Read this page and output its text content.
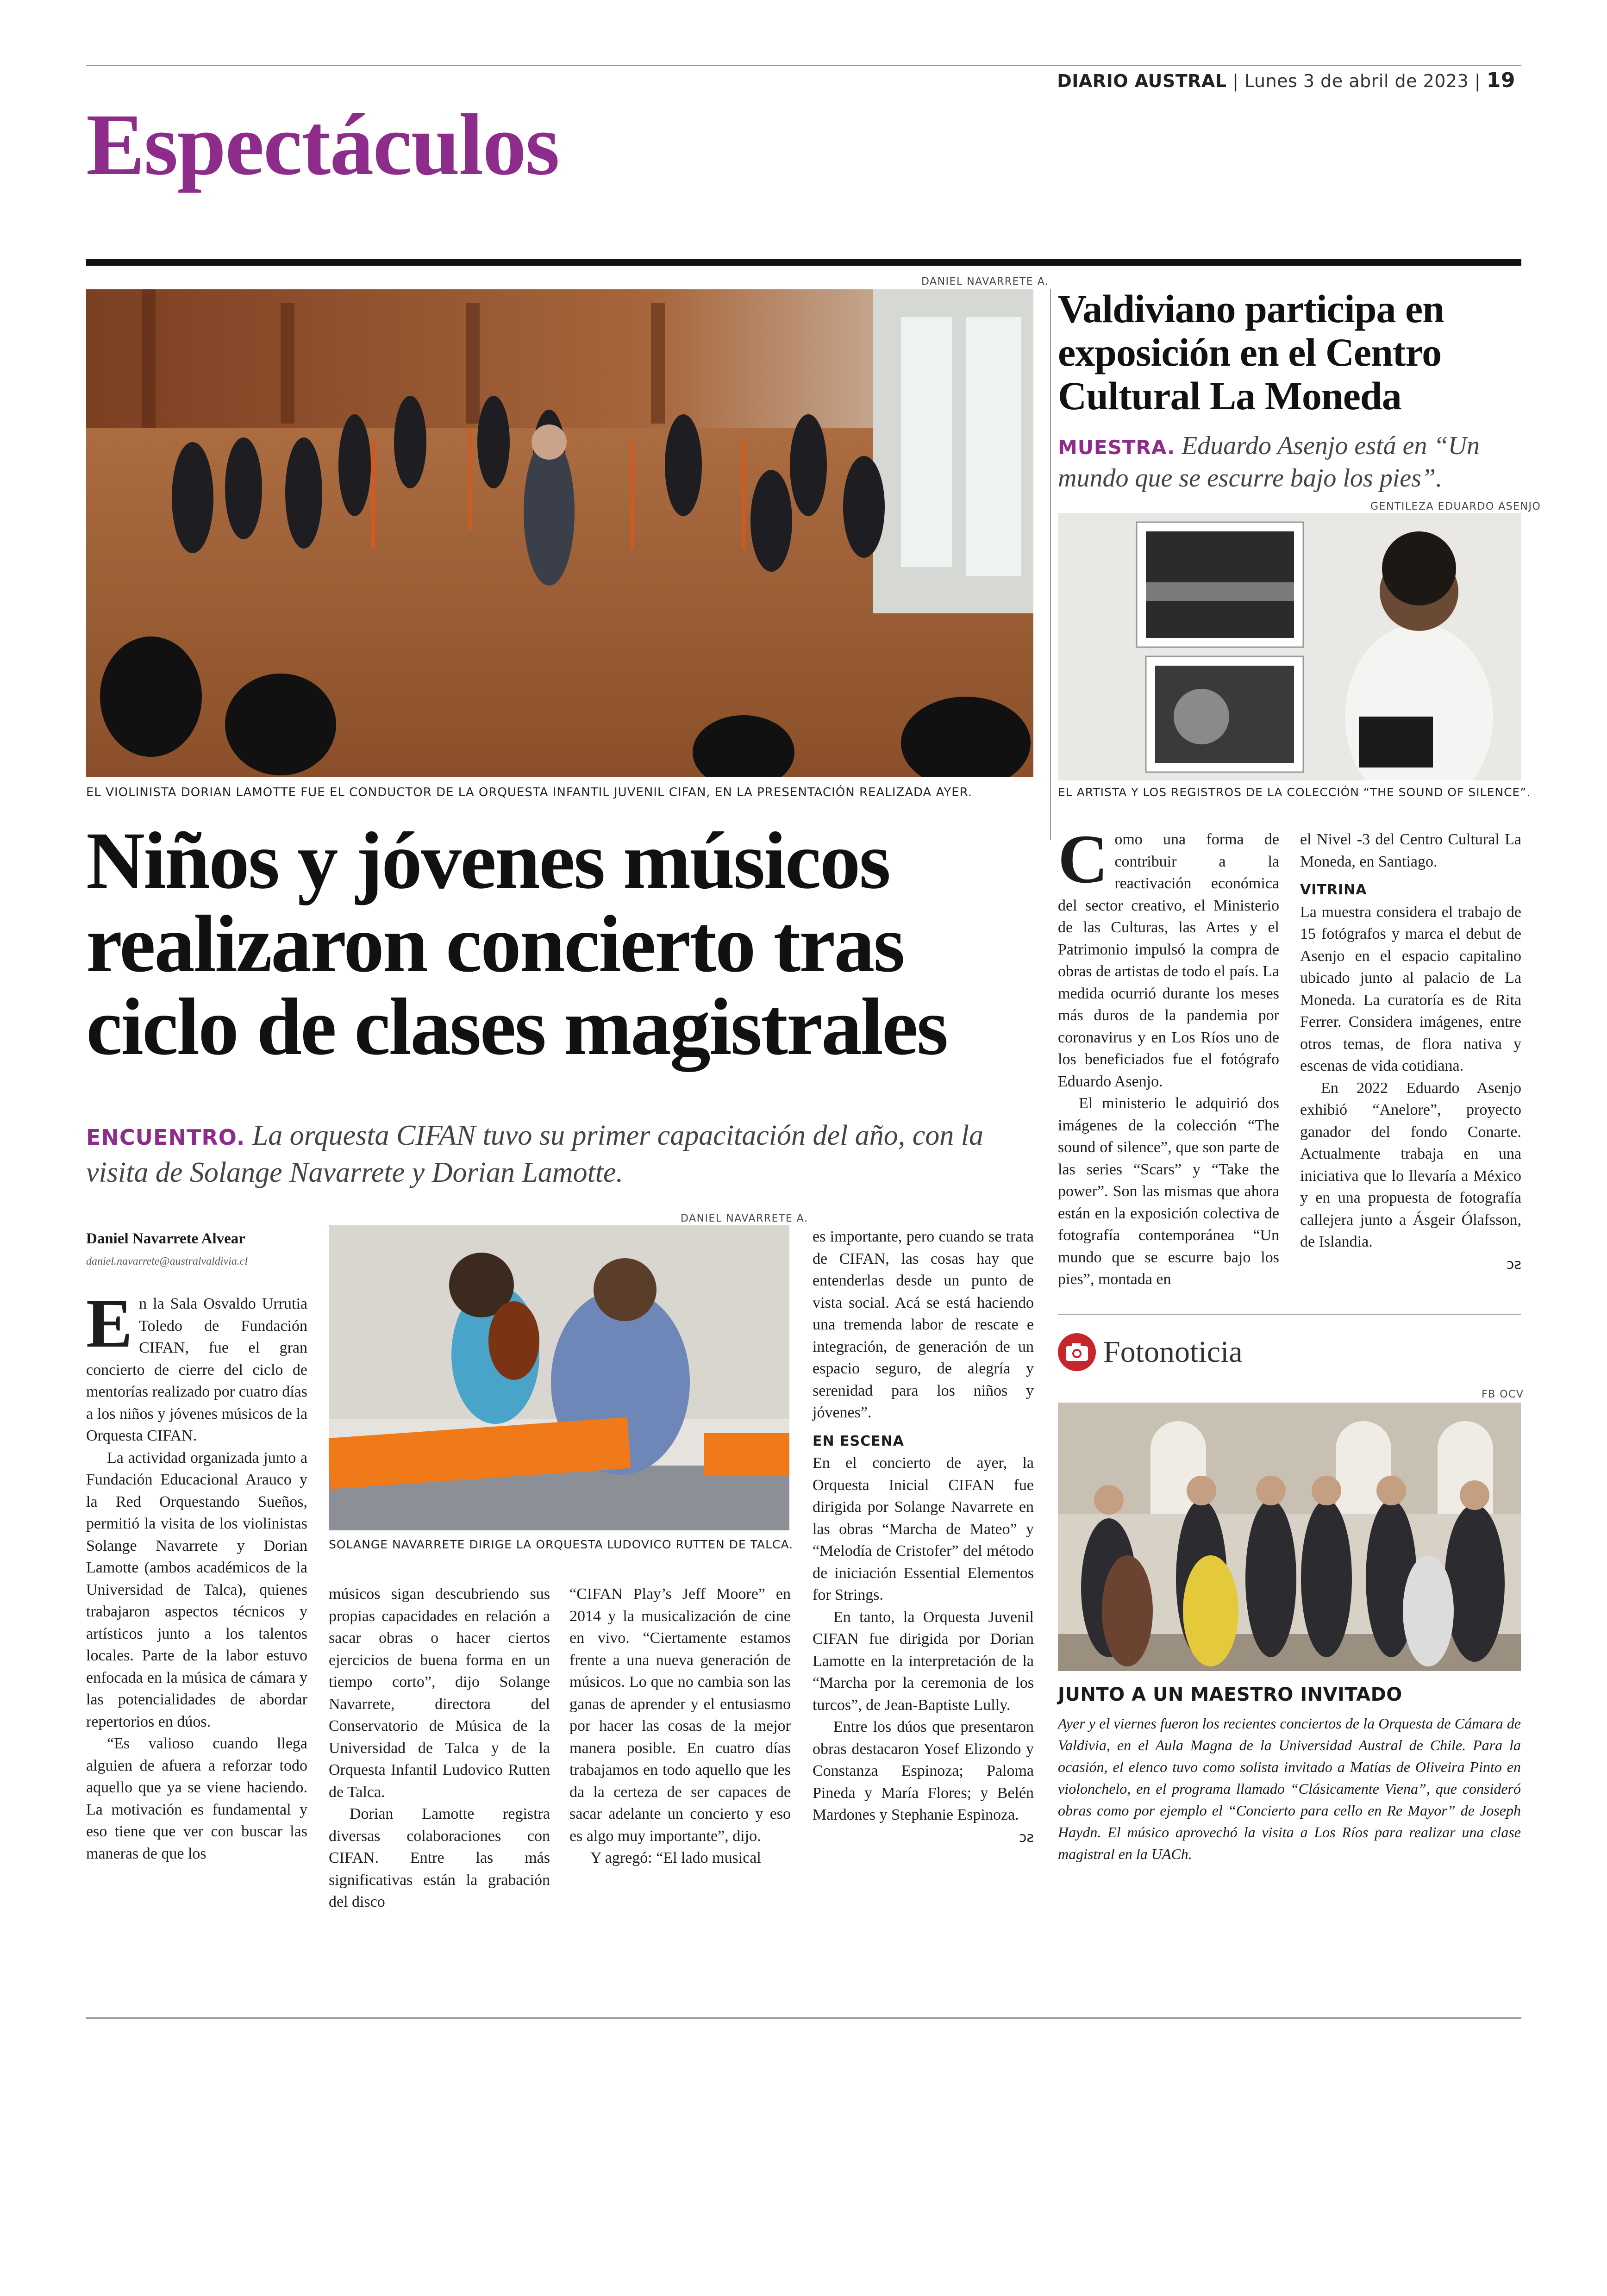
DIARIO AUSTRAL | Lunes 3 de abril de 2023 | 19
Espectáculos
DANIEL NAVARRETE A.
EL VIOLINISTA DORIAN LAMOTTE FUE EL CONDUCTOR DE LA ORQUESTA INFANTIL JUVENIL CIFAN, EN LA PRESENTACIÓN REALIZADA AYER.
Niños y jóvenes músicos
realizaron concierto tras
ciclo de clases magistrales
ENCUENTRO. La orquesta CIFAN tuvo su primer capacitación del año, con la visita de Solange Navarrete y Dorian Lamotte.
Daniel Navarrete Alvear
daniel.navarrete@australvaldivia.cl
DANIEL NAVARRETE A.
SOLANGE NAVARRETE DIRIGE LA ORQUESTA LUDOVICO RUTTEN DE TALCA.

En la Sala Osvaldo Urrutia Toledo de Fundación CIFAN, fue el gran concierto de cierre del ciclo de mentorías realizado por cuatro días a los niños y jóvenes músicos de la Orquesta CIFAN.

La actividad organizada junto a Fundación Educacional Arauco y la Red Orquestando Sueños, permitió la visita de los violinistas Solange Navarrete y Dorian Lamotte (ambos académicos de la Universidad de Talca), quienes trabajaron aspectos técnicos y artísticos junto a los talentos locales. Parte de la labor estuvo enfocada en la música de cámara y las potencialidades de abordar repertorios en dúos.

“Es valioso cuando llega alguien de afuera a reforzar todo aquello que ya se viene haciendo. La motivación es fundamental y eso tiene que ver con buscar las maneras de que los

músicos sigan descubriendo sus propias capacidades en relación a sacar obras o hacer ciertos ejercicios de buena forma en un tiempo corto”, dijo Solange Navarrete, directora del Conservatorio de Música de la Universidad de Talca y de la Orquesta Infantil Ludovico Rutten de Talca.

Dorian Lamotte registra diversas colaboraciones con CIFAN. Entre las más significativas están la grabación del disco

“CIFAN Play’s Jeff Moore” en 2014 y la musicalización de cine en vivo. “Ciertamente estamos frente a una nueva generación de músicos. Lo que no cambia son las ganas de aprender y el entusiasmo por hacer las cosas de la mejor manera posible. En cuatro días trabajamos en todo aquello que les da la certeza de ser capaces de sacar adelante un concierto y eso es algo muy importante”, dijo.

Y agregó: “El lado musical

es importante, pero cuando se trata de CIFAN, las cosas hay que entenderlas desde un punto de vista social. Acá se está haciendo una tremenda labor de rescate e integración, de generación de un espacio seguro, de alegría y serenidad para los niños y jóvenes”.

EN ESCENA

En el concierto de ayer, la Orquesta Inicial CIFAN fue dirigida por Solange Navarrete en las obras “Marcha de Mateo” y “Melodía de Cristofer” del método de iniciación Essential Elementos for Strings.

En tanto, la Orquesta Juvenil CIFAN fue dirigida por Dorian Lamotte en la interpretación de la “Marcha por la ceremonia de los turcos”, de Jean-Baptiste Lully.

Entre los dúos que presentaron obras destacaron Yosef Elizondo y Constanza Espinoza; Paloma Pineda y María Flores; y Belén Mardones y Stephanie Espinoza.

ↄƨ
Valdiviano participa en
exposición en el Centro
Cultural La Moneda
MUESTRA. Eduardo Asenjo está en “Un mundo que se escurre bajo los pies”.
GENTILEZA EDUARDO ASENJO
EL ARTISTA Y LOS REGISTROS DE LA COLECCIÓN “THE SOUND OF SILENCE”.

Como una forma de contribuir a la reactivación económica del sector creativo, el Ministerio de las Culturas, las Artes y el Patrimonio impulsó la compra de obras de artistas de todo el país. La medida ocurrió durante los meses más duros de la pandemia por coronavirus y en Los Ríos uno de los beneficiados fue el fotógrafo Eduardo Asenjo.

El ministerio le adquirió dos imágenes de la colección “The sound of silence”, que son parte de las series “Scars” y “Take the power”. Son las mismas que ahora están en la exposición colectiva de fotografía contemporánea “Un mundo que se escurre bajo los pies”, montada en

el Nivel -3 del Centro Cultural La Moneda, en Santiago.

VITRINA

La muestra considera el trabajo de 15 fotógrafos y marca el debut de Asenjo en el espacio capitalino ubicado junto al palacio de La Moneda. La curatoría es de Rita Ferrer. Considera imágenes, entre otros temas, de flora nativa y escenas de vida cotidiana.

En 2022 Eduardo Asenjo exhibió “Anelore”, proyecto ganador del fondo Conarte. Actualmente trabaja en una iniciativa que lo llevaría a México y en una propuesta de fotografía callejera junto a Ásgeir Ólafsson, de Islandia.

ↄƨ
Fotonoticia
FB OCV
JUNTO A UN MAESTRO INVITADO
Ayer y el viernes fueron los recientes conciertos de la Orquesta de Cámara de Valdivia, en el Aula Magna de la Universidad Austral de Chile. Para la ocasión, el elenco tuvo como solista invitado a Matías de Oliveira Pinto en violonchelo, en el programa llamado “Clásicamente Viena”, que consideró obras como por ejemplo el “Concierto para cello en Re Mayor” de Joseph Haydn. El músico aprovechó la visita a Los Ríos para realizar una clase magistral en la UACh.
